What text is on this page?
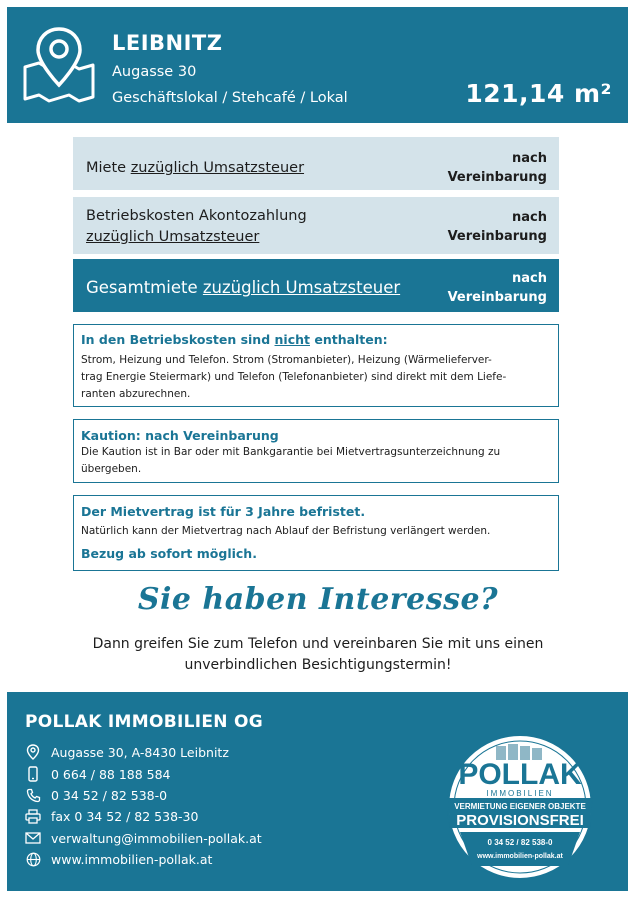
LEIBNITZ
Augasse 30
Geschäftslokal / Stehcafé / Lokal	121,14 m²
Miete zuzüglich Umsatzsteuer
nach
Vereinbarung
Betriebskosten Akontozahlung
zuzüglich Umsatzsteuer
nach
Vereinbarung
Gesamtmiete zuzüglich Umsatzsteuer	nach
Vereinbarung
In den Betriebskosten sind nicht enthalten:
Strom, Heizung und Telefon. Strom (Stromanbieter), Heizung (Wärmelieferver-
trag Energie Steiermark) und Telefon (Telefonanbieter) sind direkt mit dem Liefe-
ranten abzurechnen.
Kaution: nach Vereinbarung
Die Kaution ist in Bar oder mit Bankgarantie bei Mietvertragsunterzeichnung zu
übergeben.
Der Mietvertrag ist für 3 Jahre befristet.
Natürlich kann der Mietvertrag nach Ablauf der Befristung verlängert werden.
Bezug ab sofort möglich.
Sie haben Interesse?
Dann greifen Sie zum Telefon und vereinbaren Sie mit uns einen
unverbindlichen Besichtigungstermin!
POLLAK IMMOBILIEN OG
Augasse 30, A-8430 Leibnitz
0 664 / 88 188 584
0 34 52 / 82 538-0
fax 0 34 52 / 82 538-30
verwaltung@immobilien-pollak.at
www.immobilien-pollak.at
POLLAK
IMMOBILIEN
VERMIETUNG EIGENER OBJEKTE
PROVISIONSFREI
0 34 52 / 82 538-0
www.immobilien-pollak.at
